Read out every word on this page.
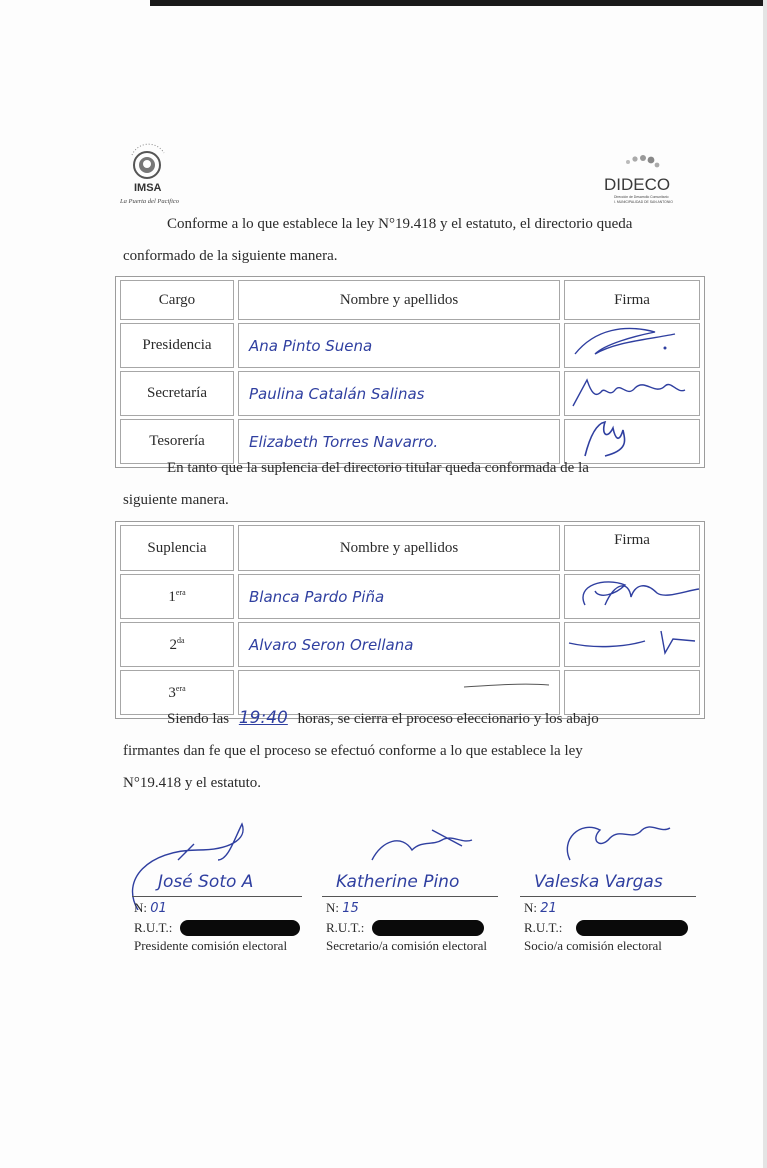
IMSA
La Puerta del Pacifico
DIDECO
Dirección de Desarrollo Comunitario
I. MUNICIPALIDAD DE SAN ANTONIO
Conforme a lo que establece la ley N°19.418 y el estatuto, el directorio queda
conformado de la siguiente manera.
Cargo	Nombre y apellidos	Firma
Presidencia	Ana Pinto Suena	
Secretaría	Paulina Catalán Salinas	
Tesorería	Elizabeth Torres Navarro.	
En tanto que la suplencia del directorio titular queda conformada de la
siguiente manera.
Suplencia	Nombre y apellidos	Firma
$1^{era}$	Blanca Pardo Piña	
$2^{da}$	Alvaro Seron Orellana	
$3^{era}$		
Siendo las 19:40 horas, se cierra el proceso eleccionario y los abajo
firmantes dan fe que el proceso se efectuó conforme a lo que establece la ley
N°19.418 y el estatuto.
José Soto A
N: 01
R.U.T.:
Presidente comisión electoral
Katherine Pino
N: 15
R.U.T.:
Secretario/a comisión electoral
Valeska Vargas
N: 21
R.U.T.:
Socio/a comisión electoral
